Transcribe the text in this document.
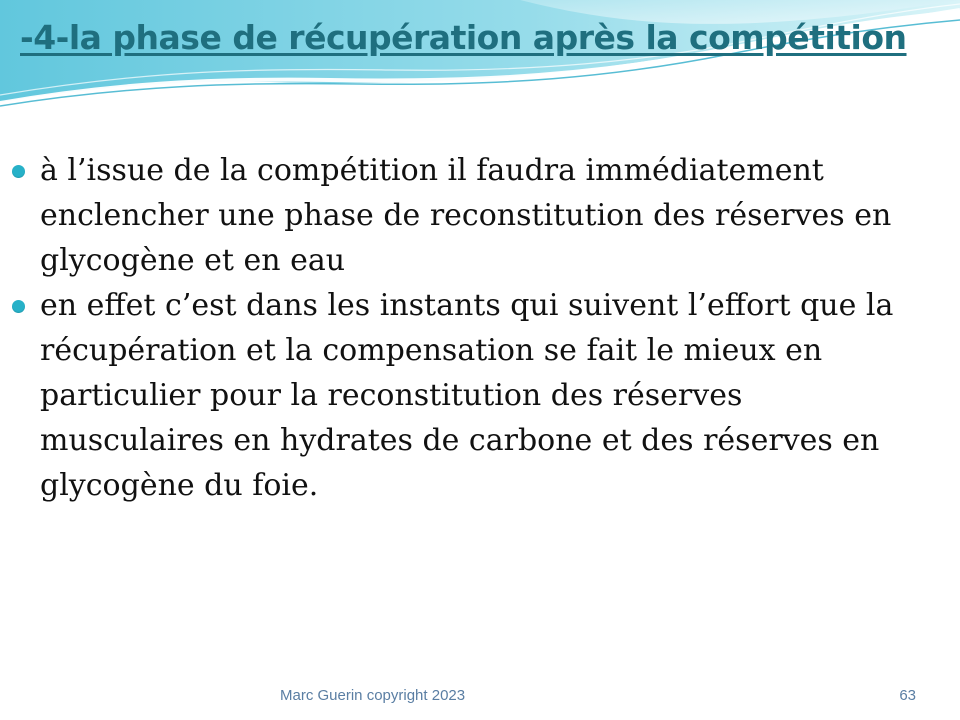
-4-la phase de récupération après la compétition
à l’issue de la compétition il faudra immédiatement enclencher une phase de reconstitution des réserves en glycogène et en eau
en effet c’est dans les instants qui suivent l’effort que la récupération et la compensation se fait le mieux en particulier pour la reconstitution des réserves musculaires en hydrates de carbone et des réserves en glycogène du foie.
Marc Guerin copyright 2023	63
